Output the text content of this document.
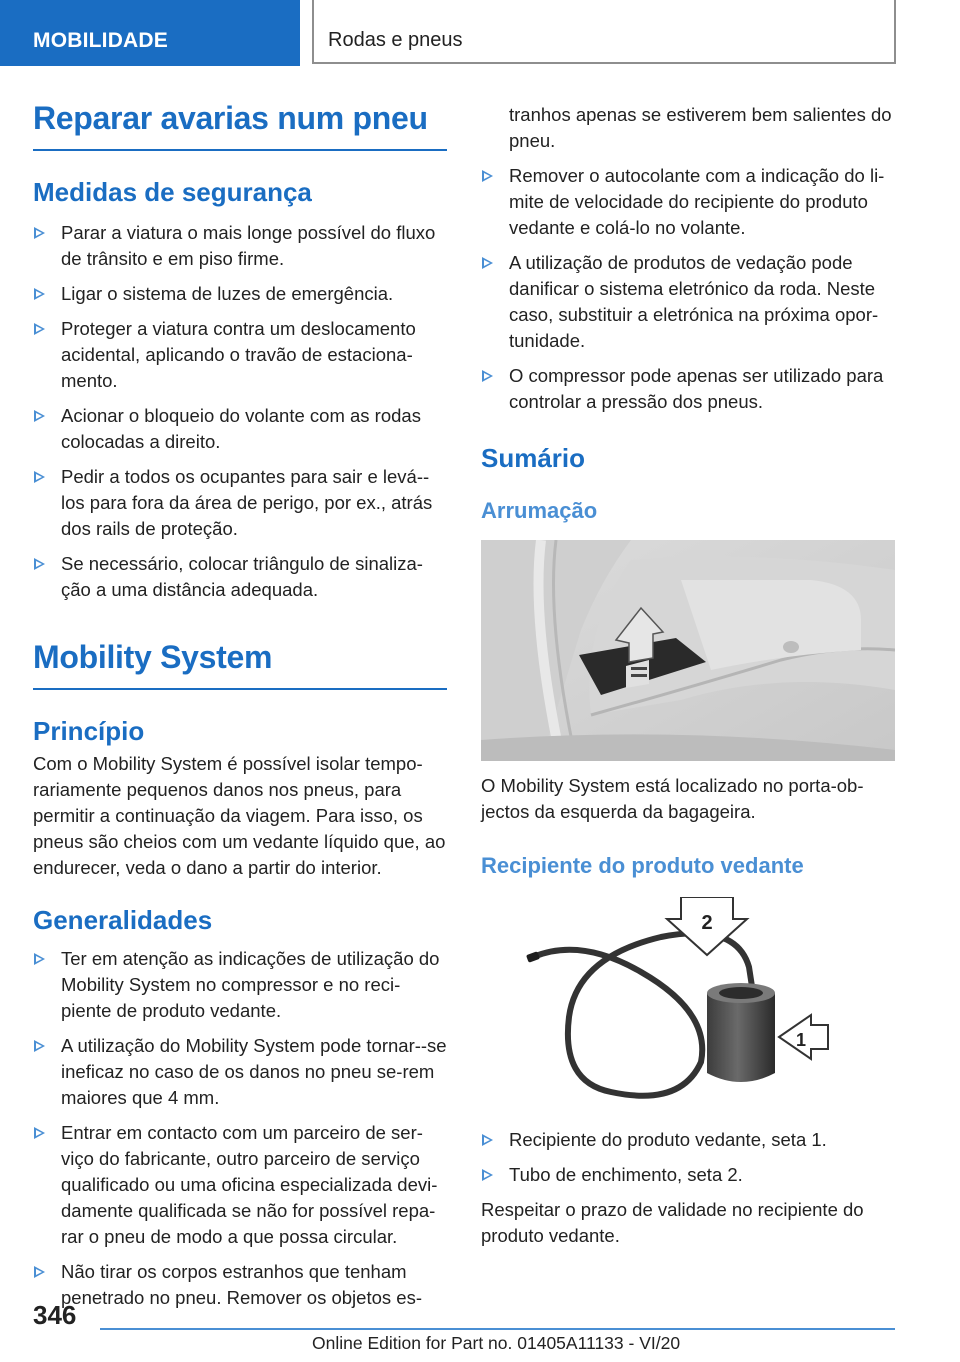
MOBILIDADE	Rodas e pneus
Reparar avarias num pneu
Medidas de segurança
Parar a viatura o mais longe possível do fluxo de trânsito e em piso firme.
Ligar o sistema de luzes de emergência.
Proteger a viatura contra um deslocamento acidental, aplicando o travão de estaciona‐mento.
Acionar o bloqueio do volante com as rodas colocadas a direito.
Pedir a todos os ocupantes para sair e levá-‐los para fora da área de perigo, por ex., atrás dos rails de proteção.
Se necessário, colocar triângulo de sinaliza‐ção a uma distância adequada.
Mobility System
Princípio

Com o Mobility System é possível isolar tempo‐rariamente pequenos danos nos pneus, para permitir a continuação da viagem. Para isso, os pneus são cheios com um vedante líquido que, ao endurecer, veda o dano a partir do interior.

Generalidades
Ter em atenção as indicações de utilização do Mobility System no compressor e no reci‐piente de produto vedante.
A utilização do Mobility System pode tornar-‐se ineficaz no caso de os danos no pneu se‐rem maiores que 4 mm.
Entrar em contacto com um parceiro de ser‐viço do fabricante, outro parceiro de serviço qualificado ou uma oficina especializada devi‐damente qualificada se não for possível repa‐rar o pneu de modo a que possa circular.
Não tirar os corpos estranhos que tenham penetrado no pneu. Remover os objetos es‐
tranhos apenas se estiverem bem salientes do pneu.
Remover o autocolante com a indicação do li‐mite de velocidade do recipiente do produto vedante e colá-lo no volante.
A utilização de produtos de vedação pode danificar o sistema eletrónico da roda. Neste caso, substituir a eletrónica na próxima opor‐tunidade.
O compressor pode apenas ser utilizado para controlar a pressão dos pneus.
Sumário
Arrumação

O Mobility System está localizado no porta-ob‐jectos da esquerda da bagageira.

Recipiente do produto vedante
2
1
Recipiente do produto vedante, seta 1.
Tubo de enchimento, seta 2.

Respeitar o prazo de validade no recipiente do produto vedante.

346
Online Edition for Part no. 01405A11133 - VI/20
